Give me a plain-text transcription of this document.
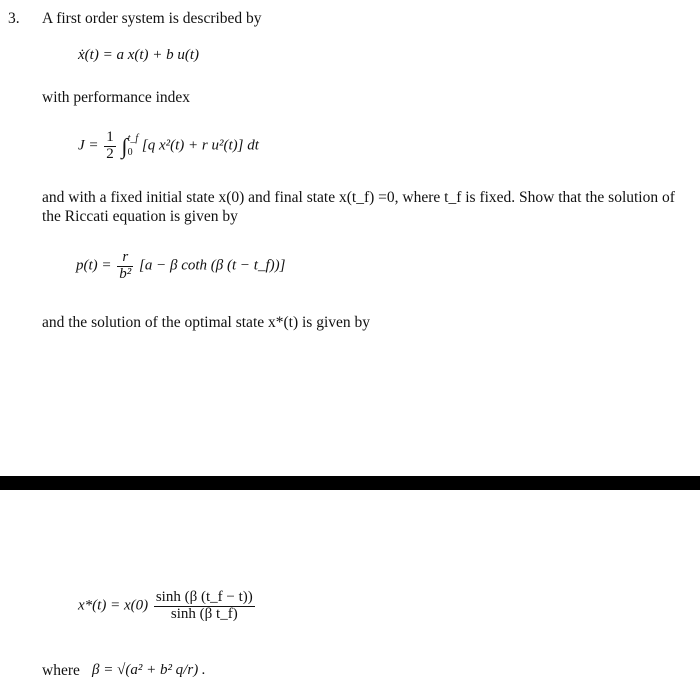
3. A first order system is described by
ẋ(t) = a x(t) + b u(t)
with performance index
$J = \frac{1}{2}$ ∫ t_f
0 [q x²(t) + r u²(t)] dt
and with a fixed initial state x(0) and final state x(t_f) =0, where t_f is fixed. Show that the solution of
the Riccati equation is given by
$p(t) = \frac{r}{\text{b²}} [a - \beta$ coth (β (t − t_f))]
and the solution of the optimal state x*(t) is given by
$x*(t) = x(0) \frac{\sinh (\beta (t\_f - t))}{\text{sinh (β t\_f)}}$
where β = √(a² + b² q/r) .
